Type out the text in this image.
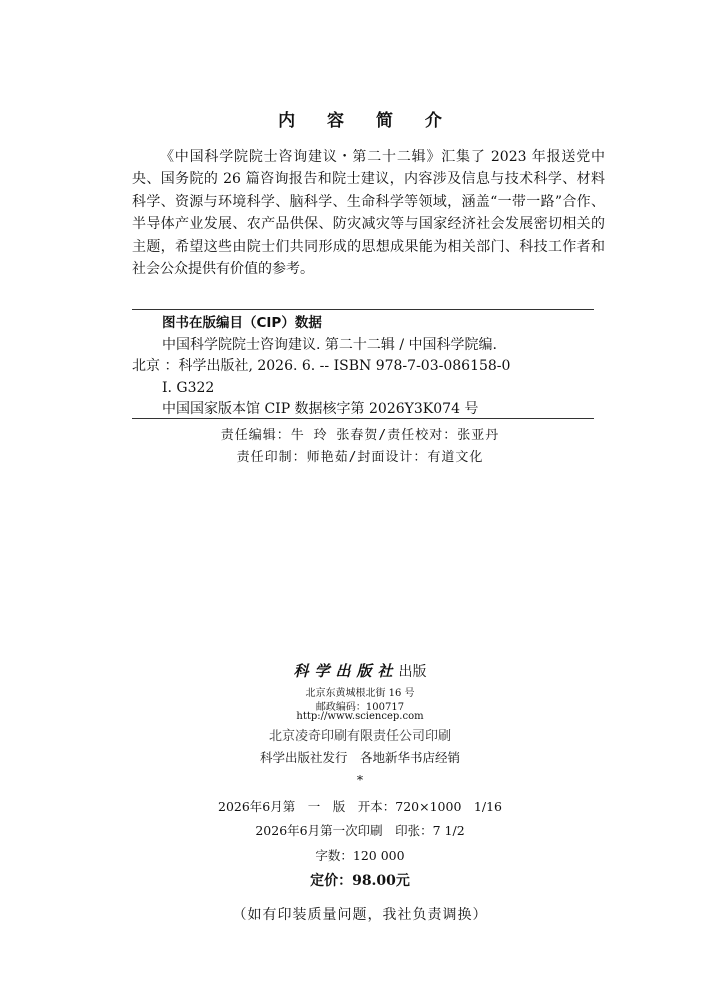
内 容 简 介

《中国科学院院士咨询建议・第二十二辑》汇集了 2023 年报送党中央、国务院的 26 篇咨询报告和院士建议，内容涉及信息与技术科学、材料科学、资源与环境科学、脑科学、生命科学等领域，涵盖“一带一路”合作、半导体产业发展、农产品供保、防灾减灾等与国家经济社会发展密切相关的主题，希望这些由院士们共同形成的思想成果能为相关部门、科技工作者和社会公众提供有价值的参考。

图书在版编目（CIP）数据
中国科学院院士咨询建议. 第二十二辑 / 中国科学院编.
北京 ：科学出版社, 2026. 6. -- ISBN 978-7-03-086158-0
Ⅰ. G322
中国国家版本馆 CIP 数据核字第 2026Y3K074 号
责任编辑：牛 玲 张春贺/责任校对：张亚丹
责任印制：师艳茹/封面设计：有道文化
科学出版社出版
北京东黄城根北街 16 号
邮政编码：100717
http://www.sciencep.com
北京凌奇印刷有限责任公司印刷
科学出版社发行　各地新华书店经销
*
2026年6月第　一　版　开本：720×1000　1/16
2026年6月第一次印刷　印张：7 1/2
字数：120 000
定价：98.00元
（如有印装质量问题，我社负责调换）
